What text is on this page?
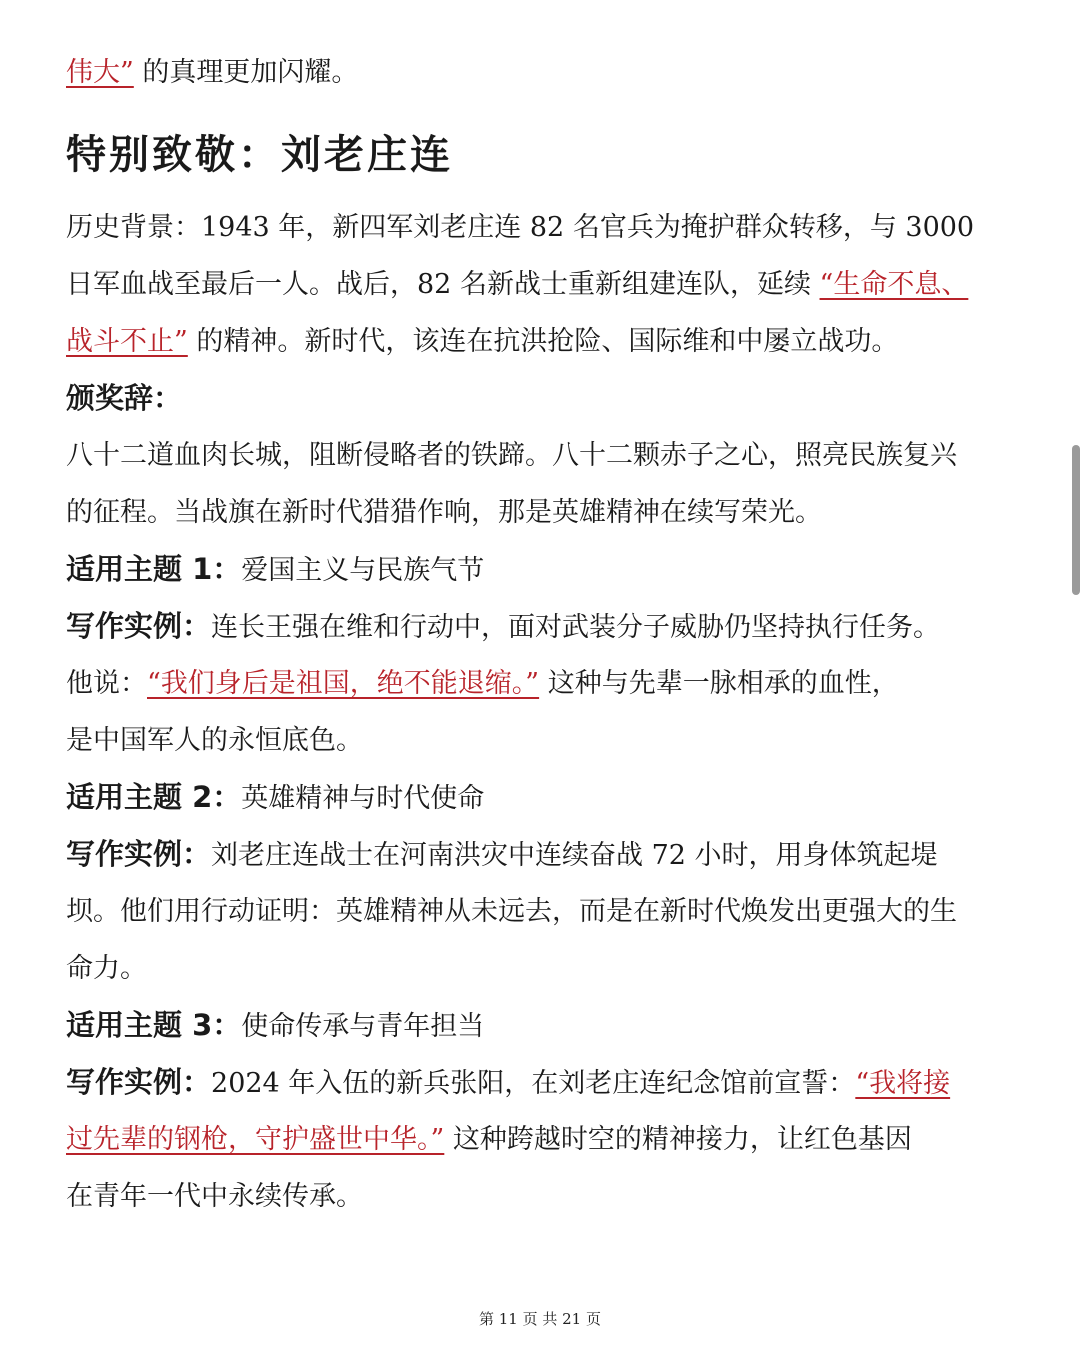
伟大” 的真理更加闪耀。
特别致敬：刘老庄连
历史背景：1943 年，新四军刘老庄连 82 名官兵为掩护群众转移，与 3000
日军血战至最后一人。战后，82 名新战士重新组建连队，延续 “生命不息、
战斗不止” 的精神。新时代，该连在抗洪抢险、国际维和中屡立战功。
颁奖辞：
八十二道血肉长城，阻断侵略者的铁蹄。八十二颗赤子之心，照亮民族复兴
的征程。当战旗在新时代猎猎作响，那是英雄精神在续写荣光。
适用主题 1：爱国主义与民族气节
写作实例：连长王强在维和行动中，面对武装分子威胁仍坚持执行任务。
他说：“我们身后是祖国，绝不能退缩。” 这种与先辈一脉相承的血性，
是中国军人的永恒底色。
适用主题 2：英雄精神与时代使命
写作实例：刘老庄连战士在河南洪灾中连续奋战 72 小时，用身体筑起堤
坝。他们用行动证明：英雄精神从未远去，而是在新时代焕发出更强大的生
命力。
适用主题 3：使命传承与青年担当
写作实例：2024 年入伍的新兵张阳，在刘老庄连纪念馆前宣誓：“我将接
过先辈的钢枪，守护盛世中华。” 这种跨越时空的精神接力，让红色基因
在青年一代中永续传承。
第 11 页 共 21 页
